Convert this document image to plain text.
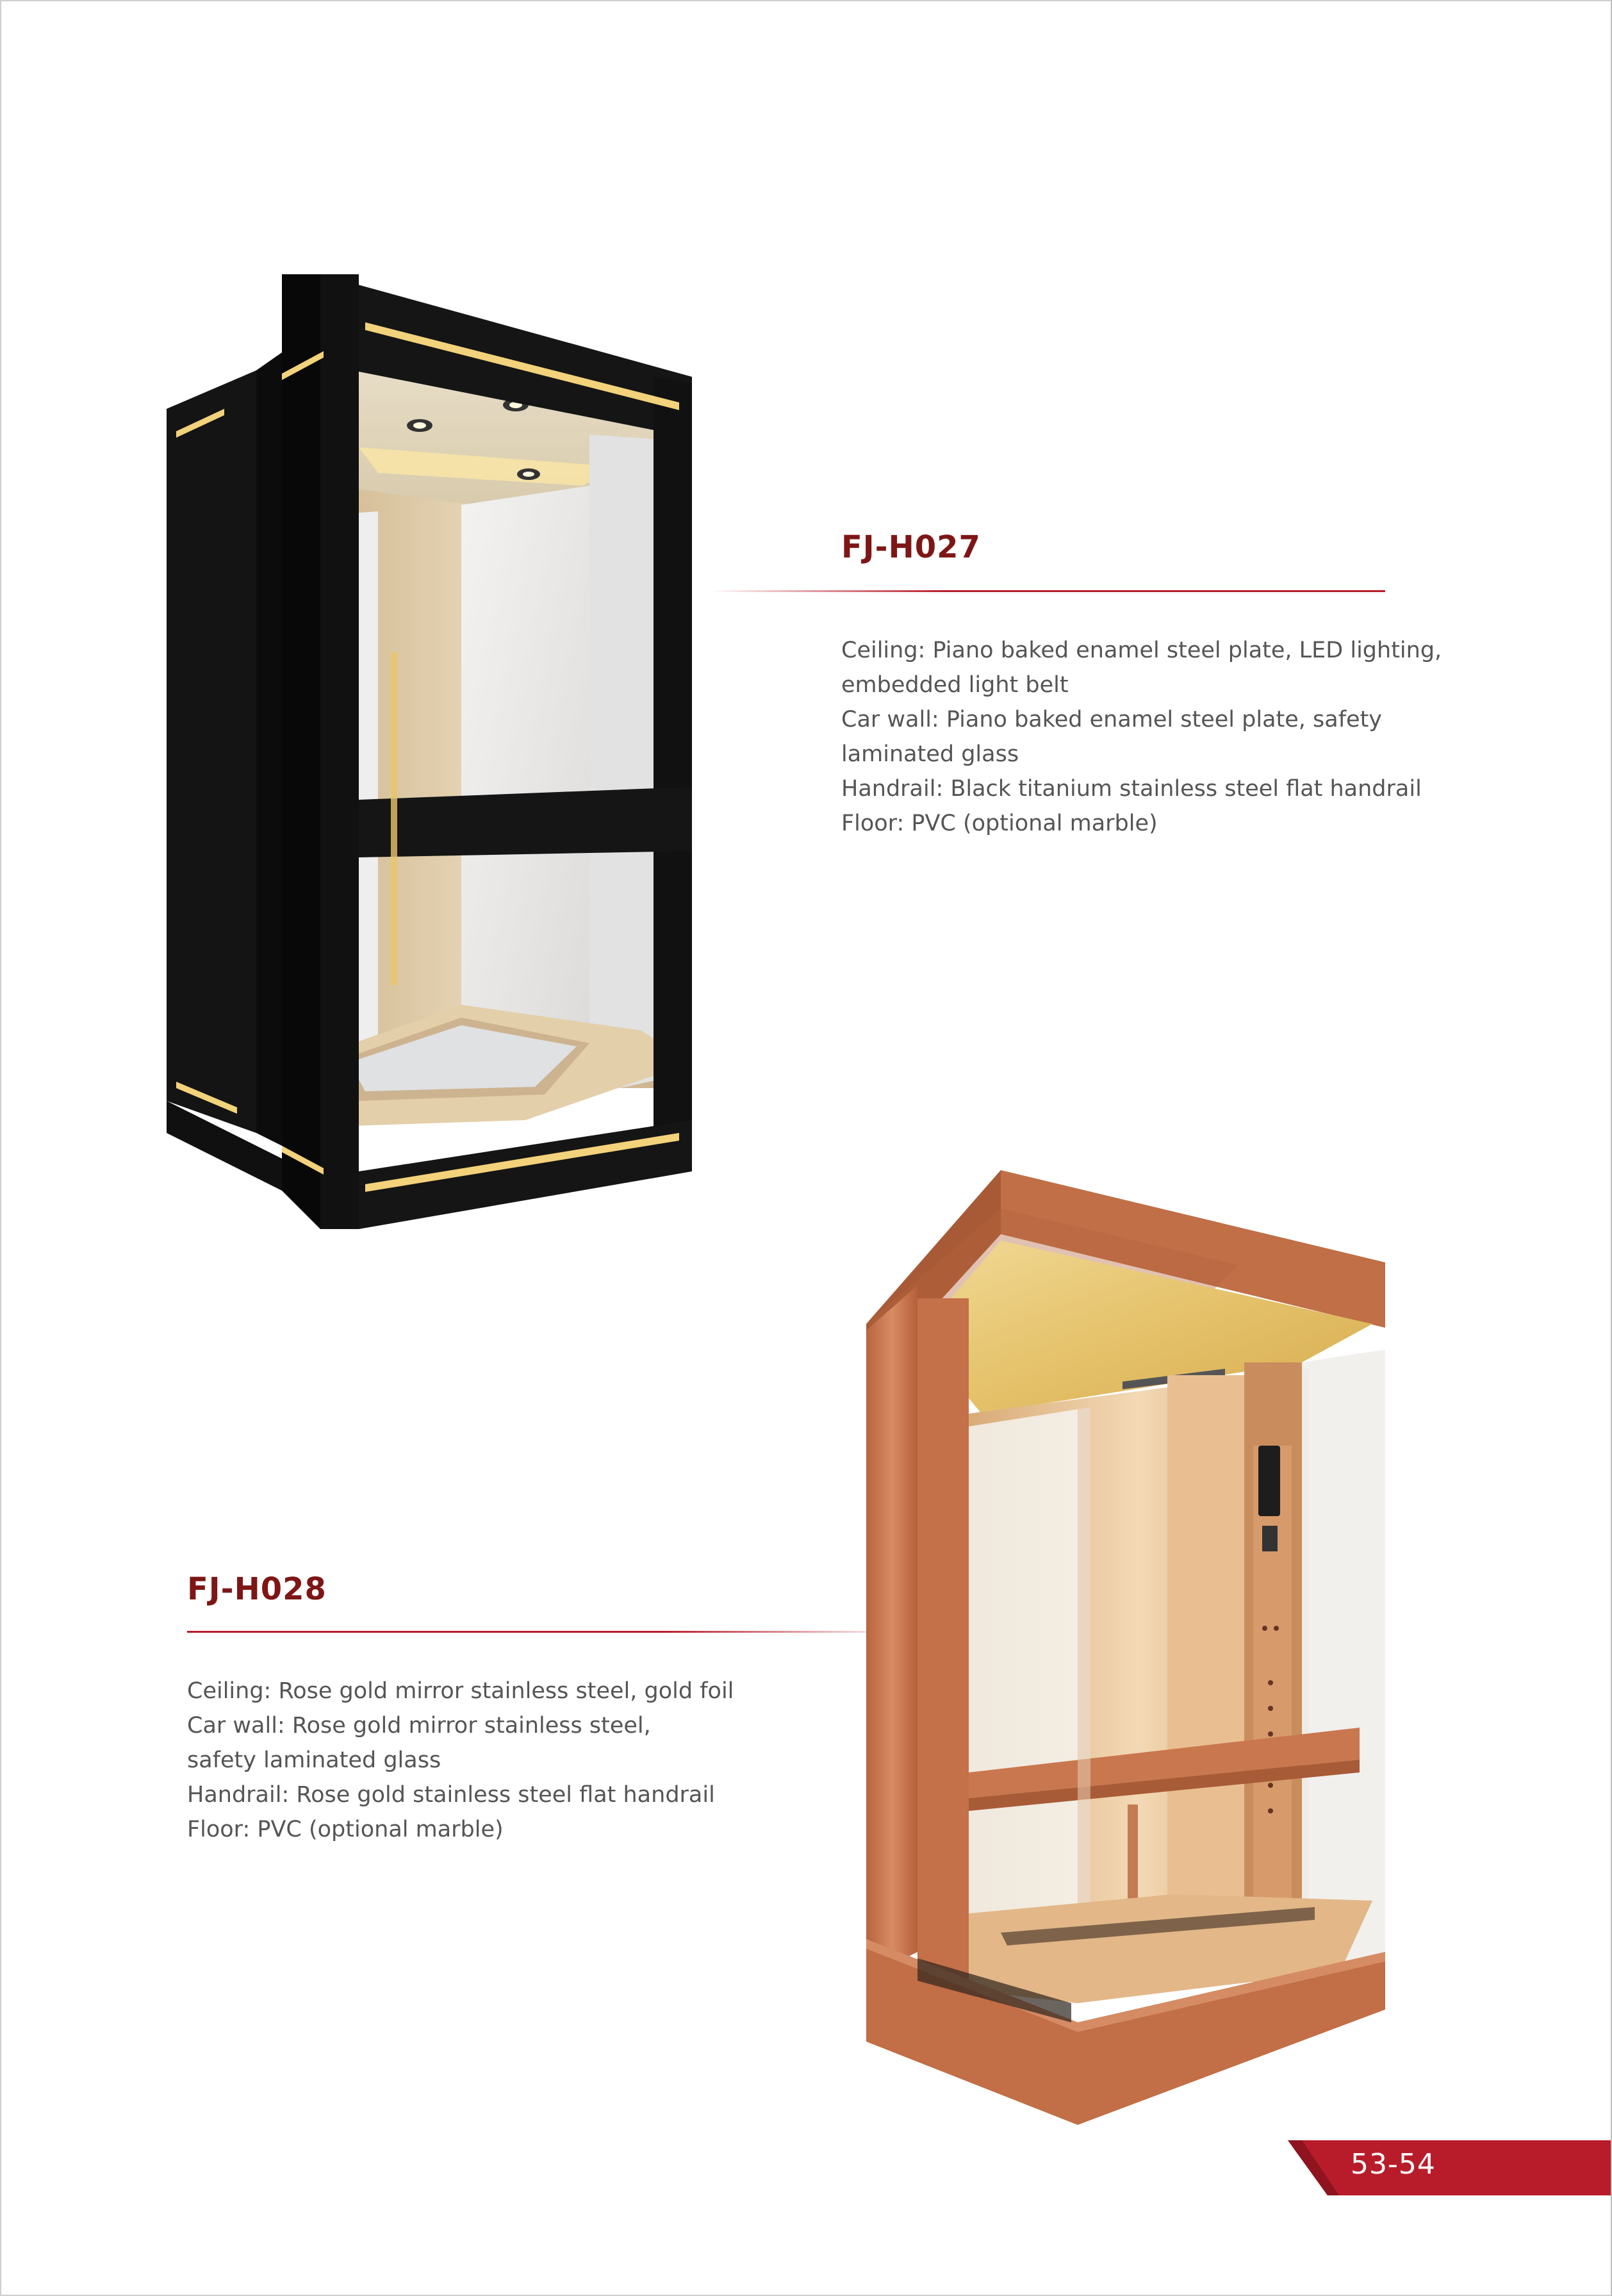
FJ-H027
Ceiling: Piano baked enamel steel plate, LED lighting,
embedded light belt
Car wall: Piano baked enamel steel plate, safety
laminated glass
Handrail: Black titanium stainless steel flat handrail
Floor: PVC (optional marble)
FJ-H028
Ceiling: Rose gold mirror stainless steel, gold foil
Car wall: Rose gold mirror stainless steel,
safety laminated glass
Handrail: Rose gold stainless steel flat handrail
Floor: PVC (optional marble)
53-54
